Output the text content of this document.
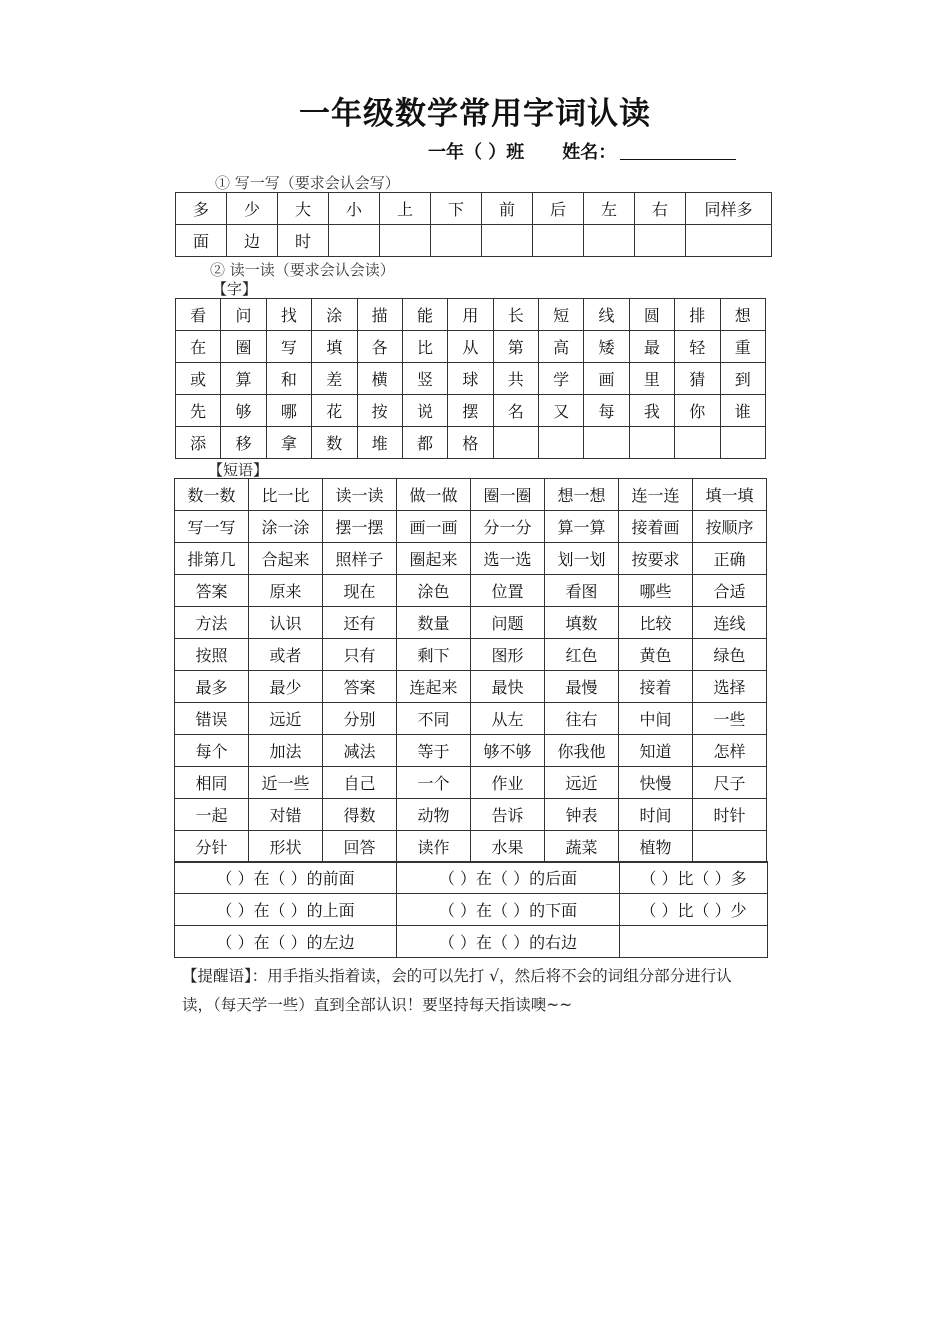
一年级数学常用字词认读
一年（ ）班 姓名：
① 写一写（要求会认会写）
多	少	大	小	上	下	前	后	左	右	同样多
面	边	时								
② 读一读（要求会认会读）
【字】
看	问	找	涂	描	能	用	长	短	线	圆	排	想
在	圈	写	填	各	比	从	第	高	矮	最	轻	重
或	算	和	差	横	竖	球	共	学	画	里	猜	到
先	够	哪	花	按	说	摆	名	又	每	我	你	谁
添	移	拿	数	堆	都	格						
【短语】
数一数	比一比	读一读	做一做	圈一圈	想一想	连一连	填一填
写一写	涂一涂	摆一摆	画一画	分一分	算一算	接着画	按顺序
排第几	合起来	照样子	圈起来	选一选	划一划	按要求	正确
答案	原来	现在	涂色	位置	看图	哪些	合适
方法	认识	还有	数量	问题	填数	比较	连线
按照	或者	只有	剩下	图形	红色	黄色	绿色
最多	最少	答案	连起来	最快	最慢	接着	选择
错误	远近	分别	不同	从左	往右	中间	一些
每个	加法	减法	等于	够不够	你我他	知道	怎样
相同	近一些	自己	一个	作业	远近	快慢	尺子
一起	对错	得数	动物	告诉	钟表	时间	时针
分针	形状	回答	读作	水果	蔬菜	植物	
（ ）在（ ）的前面	（ ）在（ ）的后面	（ ）比（ ）多
（ ）在（ ）的上面	（ ）在（ ）的下面	（ ）比（ ）少
（ ）在（ ）的左边	（ ）在（ ）的右边	
【提醒语】：用手指头指着读，会的可以先打 √，然后将不会的词组分部分进行认读，（每天学一些）直到全部认识！要坚持每天指读噢~~
